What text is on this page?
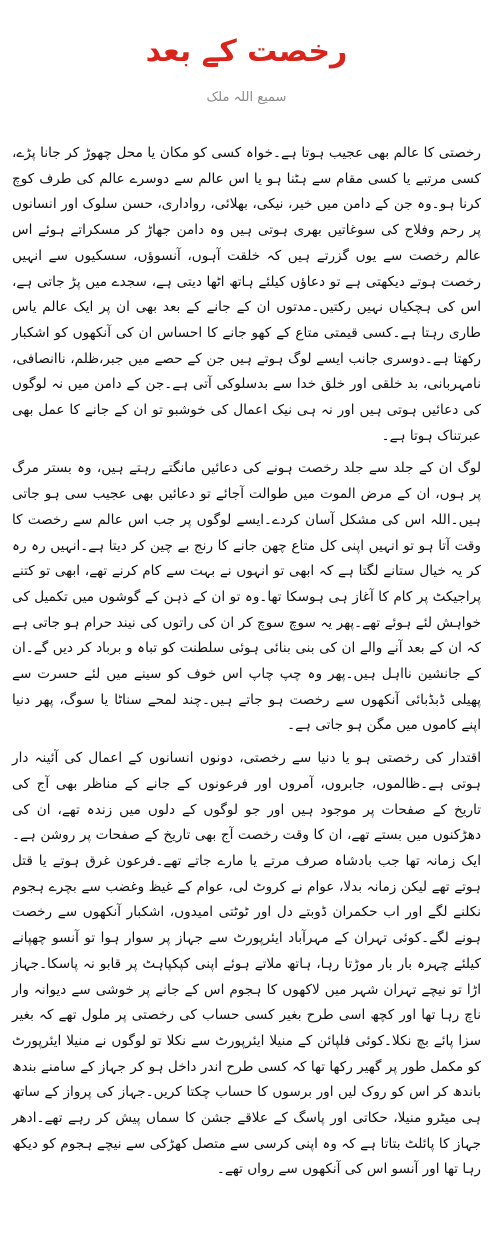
رخصت کے بعد
سمیع اللہ ملک

رخصتی کا عالم بھی عجیب ہوتا ہے۔خواہ کسی کو مکان یا محل چھوڑ کر جانا پڑے، کسی مرتبے یا کسی مقام سے ہٹنا ہو یا اس عالم سے دوسرے عالم کی طرف کوچ کرنا ہو۔وہ جن کے دامن میں خیر، نیکی، بھلائی، رواداری، حسن سلوک اور انسانوں پر رحم وفلاح کی سوغاتیں بھری ہوتی ہیں وہ دامن جھاڑ کر مسکراتے ہوئے اس عالم رخصت سے یوں گزرتے ہیں کہ خلقت آہوں، آنسوؤں، سسکیوں سے انہیں رخصت ہوتے دیکھتی ہے تو دعاؤں کیلئے ہاتھ اٹھا دیتی ہے، سجدے میں پڑ جاتی ہے، اس کی ہچکیاں نہیں رکتیں۔مدتوں ان کے جانے کے بعد بھی ان پر ایک عالم یاس طاری رہتا ہے۔کسی قیمتی متاع کے کھو جانے کا احساس ان کی آنکھوں کو اشکبار رکھتا ہے۔دوسری جانب ایسے لوگ ہوتے ہیں جن کے حصے میں جبر،ظلم، ناانصافی، نامہربانی، بد خلقی اور خلق خدا سے بدسلوکی آتی ہے۔جن کے دامن میں نہ لوگوں کی دعائیں ہوتی ہیں اور نہ ہی نیک اعمال کی خوشبو تو ان کے جانے کا عمل بھی عبرتناک ہوتا ہے۔

لوگ ان کے جلد سے جلد رخصت ہونے کی دعائیں مانگتے رہتے ہیں، وہ بستر مرگ پر ہوں، ان کے مرض الموت میں طوالت آجائے تو دعائیں بھی عجیب سی ہو جاتی ہیں۔اللہ اس کی مشکل آسان کردے۔ایسے لوگوں پر جب اس عالم سے رخصت کا وقت آتا ہو تو انہیں اپنی کل متاع چھن جانے کا رنج بے چین کر دیتا ہے۔انہیں رہ رہ کر یہ خیال ستانے لگتا ہے کہ ابھی تو انہوں نے بہت سے کام کرنے تھے، ابھی تو کتنے پراجیکٹ پر کام کا آغاز ہی ہوسکا تھا۔وہ تو ان کے ذہن کے گوشوں میں تکمیل کی خواہش لئے ہوئے تھے۔پھر یہ سوچ سوچ کر ان کی راتوں کی نیند حرام ہو جاتی ہے کہ ان کے بعد آنے والے ان کی بنی بنائی ہوئی سلطنت کو تباہ و برباد کر دیں گے۔ان کے جانشین نااہل ہیں۔پھر وہ چپ چاپ اس خوف کو سینے میں لئے حسرت سے پھیلی ڈبڈبائی آنکھوں سے رخصت ہو جاتے ہیں۔چند لمحے سناٹا یا سوگ، پھر دنیا اپنے کاموں میں مگن ہو جاتی ہے۔

اقتدار کی رخصتی ہو یا دنیا سے رخصتی، دونوں انسانوں کے اعمال کی آئینہ دار ہوتی ہے۔ظالموں، جابروں، آمروں اور فرعونوں کے جانے کے مناظر بھی آج کی تاریخ کے صفحات پر موجود ہیں اور جو لوگوں کے دلوں میں زندہ تھے، ان کی دھڑکنوں میں بستے تھے، ان کا وقت رخصت آج بھی تاریخ کے صفحات پر روشن ہے۔ایک زمانہ تھا جب بادشاہ صرف مرتے یا مارے جاتے تھے۔فرعون غرق ہوتے یا قتل ہوتے تھے لیکن زمانہ بدلا، عوام نے کروٹ لی، عوام کے غیظ وغضب سے بچرے ہجوم نکلنے لگے اور اب حکمران ڈوبتے دل اور ٹوٹتی امیدوں، اشکبار آنکھوں سے رخصت ہونے لگے۔کوئی تہران کے مہرآباد ایئرپورٹ سے جہاز پر سوار ہوا تو آنسو چھپانے کیلئے چہرہ بار بار موڑتا رہا، ہاتھ ملاتے ہوئے اپنی کپکپاہٹ پر قابو نہ پاسکا۔جہاز اڑا تو نیچے تہران شہر میں لاکھوں کا ہجوم اس کے جانے پر خوشی سے دیوانہ وار ناچ رہا تھا اور کچھ اسی طرح بغیر کسی حساب کی رخصتی پر ملول تھے کہ بغیر سزا پائے بچ نکلا۔کوئی فلپائن کے منیلا ایئرپورٹ سے نکلا تو لوگوں نے منیلا ایئرپورٹ کو مکمل طور پر گھیر رکھا تھا کہ کسی طرح اندر داخل ہو کر جہاز کے سامنے بندھ باندھ کر اس کو روک لیں اور برسوں کا حساب چکتا کریں۔جہاز کی پرواز کے ساتھ ہی میٹرو منیلا، حکاتی اور پاسگ کے علاقے جشن کا سماں پیش کر رہے تھے۔ادھر جہاز کا پائلٹ بتاتا ہے کہ وہ اپنی کرسی سے متصل کھڑکی سے نیچے ہجوم کو دیکھ رہا تھا اور آنسو اس کی آنکھوں سے رواں تھے۔
